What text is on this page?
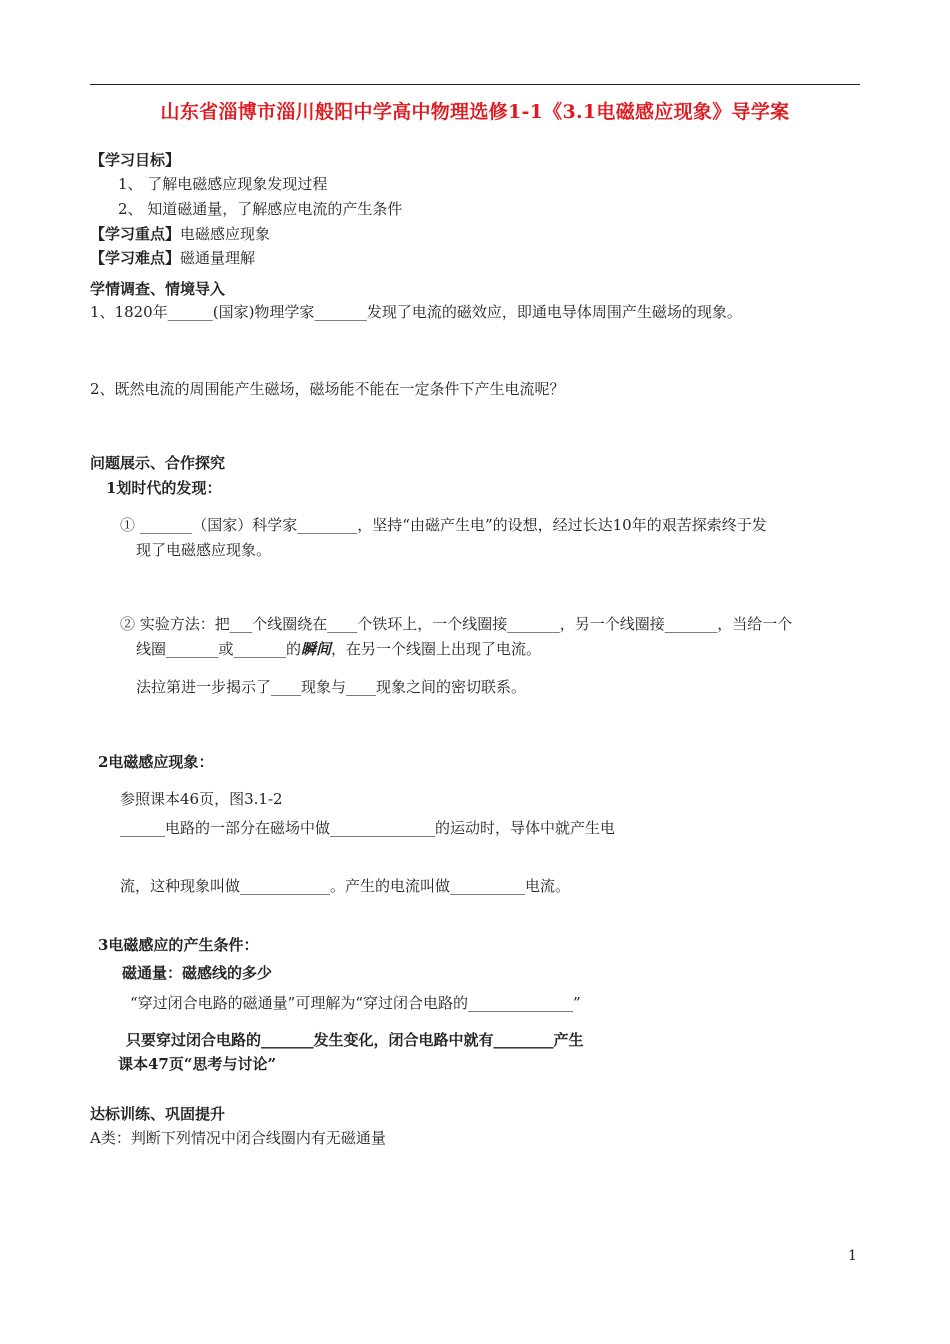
山东省淄博市淄川般阳中学高中物理选修1-1《3.1电磁感应现象》导学案
【学习目标】
1、 了解电磁感应现象发现过程
2、 知道磁通量，了解感应电流的产生条件
【学习重点】电磁感应现象
【学习难点】磁通量理解
学情调查、情境导入
1、1820年______(国家)物理学家_______发现了电流的磁效应，即通电导体周围产生磁场的现象。
2、既然电流的周围能产生磁场，磁场能不能在一定条件下产生电流呢？
问题展示、合作探究
1划时代的发现：
① _______（国家）科学家________，坚持“由磁产生电”的设想，经过长达10年的艰苦探索终于发
现了电磁感应现象。
② 实验方法：把___个线圈绕在____个铁环上，一个线圈接_______，另一个线圈接_______，当给一个
线圈_______或_______的瞬间，在另一个线圈上出现了电流。
法拉第进一步揭示了____现象与____现象之间的密切联系。
2电磁感应现象：
参照课本46页，图3.1-2
______电路的一部分在磁场中做______________的运动时，导体中就产生电
流，这种现象叫做____________。产生的电流叫做__________电流。
3电磁感应的产生条件：
磁通量：磁感线的多少
“穿过闭合电路的磁通量”可理解为“穿过闭合电路的______________”
只要穿过闭合电路的_______发生变化，闭合电路中就有________产生
课本47页“思考与讨论”
达标训练、巩固提升
A类：判断下列情况中闭合线圈内有无磁通量
1
